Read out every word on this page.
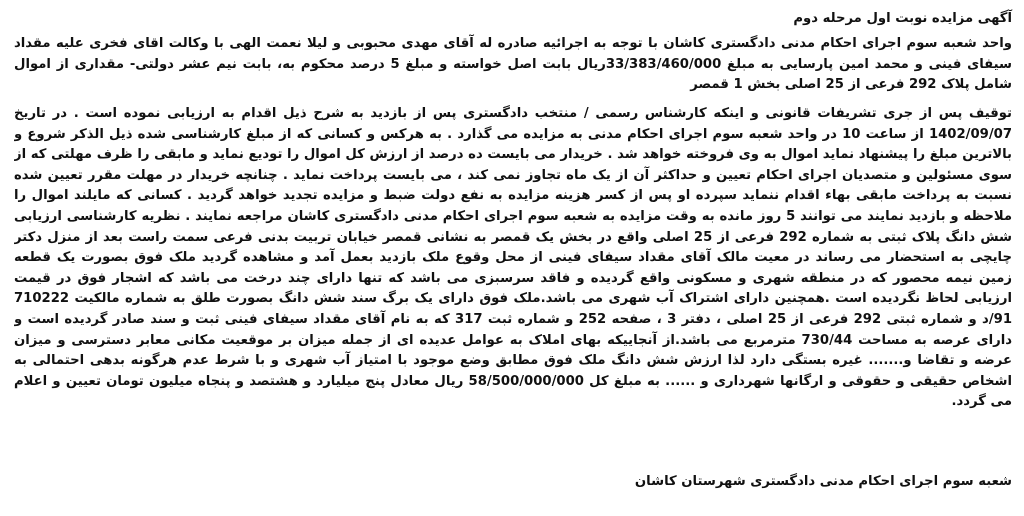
آگهی مزایده نوبت اول مرحله دوم

واحد شعبه سوم اجرای احکام مدنی دادگستری کاشان با توجه به اجرائیه صادره له آقای مهدی محبوبی و لیلا نعمت الهی با وکالت اقای فخری علیه مقداد سیفای فینی و محمد امین پارسایی به مبلغ 33/383/460/000ریال بابت اصل خواسته و مبلغ 5 درصد محکوم به، بابت نیم عشر دولتی- مقداری از اموال شامل پلاک 292 فرعی از 25 اصلی بخش 1 قمصر

توقیف پس از جری تشریفات قانونی و اینکه کارشناس رسمی / منتخب دادگستری پس از بازدید به شرح ذیل اقدام به ارزیابی نموده است . در تاریخ 1402/09/07 از ساعت 10 در واحد شعبه سوم اجرای احکام مدنی به مزایده می گذارد . به هرکس و کسانی که از مبلغ کارشناسی شده ذیل الذکر شروع و بالاترین مبلغ را پیشنهاد نماید اموال به وی فروخته خواهد شد . خریدار می بایست ده درصد از ارزش کل اموال را تودیع نماید و مابقی را ظرف مهلتی که از سوی مسئولین و متصدیان اجرای احکام تعیین و حداکثر آن از یک ماه تجاوز نمی کند ، می بایست پرداخت نماید . چنانچه خریدار در مهلت مقرر تعیین شده نسبت به پرداخت مابقی بهاء اقدام ننماید سپرده او پس از کسر هزینه مزایده به نفع دولت ضبط و مزایده تجدید خواهد گردید . کسانی که مایلند اموال را ملاحظه و بازدید نمایند می توانند 5 روز مانده به وقت مزایده به شعبه سوم اجرای احکام مدنی دادگستری کاشان مراجعه نمایند . نظریه کارشناسی ارزیابی شش دانگ پلاک ثبتی به شماره 292 فرعی از 25 اصلی واقع در بخش یک قمصر به نشانی قمصر خیابان تربیت بدنی فرعی سمت راست بعد از منزل دکتر چایچی به استحضار می رساند در معیت مالک آقای مقداد سیفای فینی از محل وقوع ملک بازدید بعمل آمد و مشاهده گردید ملک فوق بصورت یک قطعه زمین نیمه محصور که در منطقه شهری و مسکونی واقع گردیده و فاقد سرسبزی می باشد که تنها دارای چند درخت می باشد که اشجار فوق در قیمت ارزیابی لحاظ نگردیده است .همچنین دارای اشتراک آب شهری می باشد.ملک فوق دارای یک برگ سند شش دانگ بصورت طلق به شماره مالکیت 710222 91/د و شماره ثبتی 292 فرعی از 25 اصلی ، دفتر 3 ، صفحه 252 و شماره ثبت 317 که به نام آقای مقداد سیفای فینی ثبت و سند صادر گردیده است و دارای عرصه به مساحت 730/44 مترمربع می باشد.از آنجاییکه بهای املاک به عوامل عدیده ای از جمله میزان بر موقعیت مکانی معابر دسترسی و میزان عرضه و تقاضا و....... غیره بستگی دارد لذا ارزش شش دانگ ملک فوق مطابق وضع موجود با امتیاز آب شهری و با شرط عدم هرگونه بدهی احتمالی به اشخاص حقیقی و حقوقی و ارگانها شهرداری و ...... به مبلغ کل 58/500/000/000 ریال معادل پنج میلیارد و هشتصد و پنجاه میلیون تومان تعیین و اعلام می گردد.

شعبه سوم اجرای احکام مدنی دادگستری شهرستان کاشان
